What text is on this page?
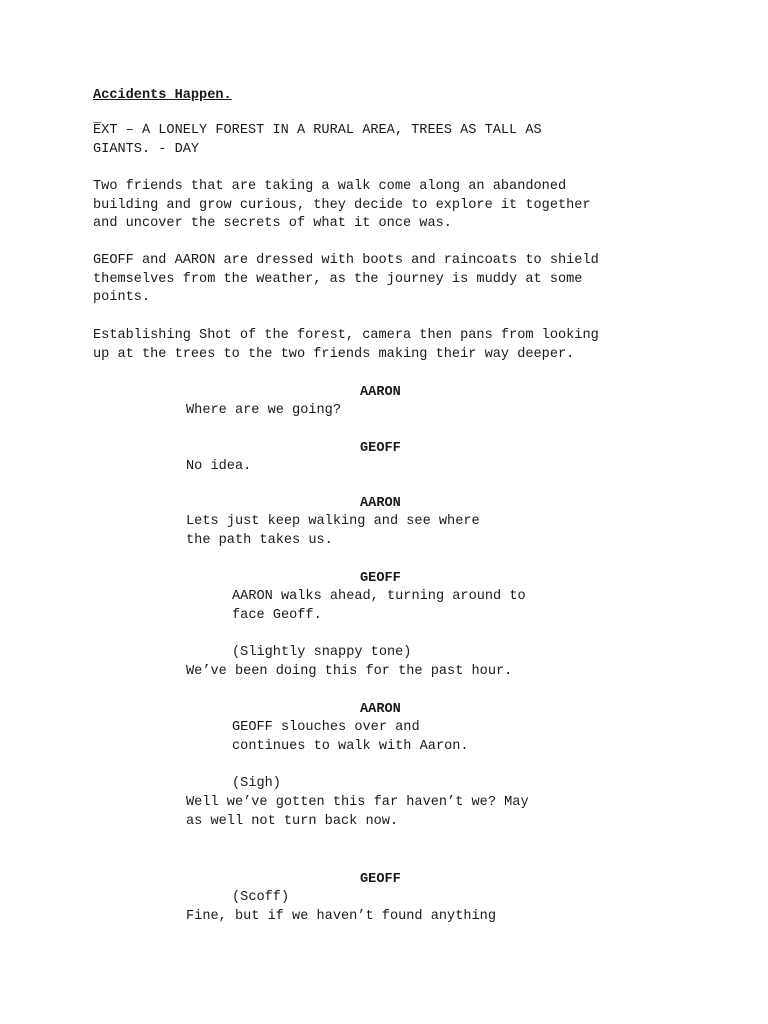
Accidents Happen.
_
EXT – A LONELY FOREST IN A RURAL AREA, TREES AS TALL AS
GIANTS. - DAY
Two friends that are taking a walk come along an abandoned
building and grow curious, they decide to explore it together
and uncover the secrets of what it once was.
GEOFF and AARON are dressed with boots and raincoats to shield
themselves from the weather, as the journey is muddy at some
points.
Establishing Shot of the forest, camera then pans from looking
up at the trees to the two friends making their way deeper.
AARON
Where are we going?
GEOFF
No idea.
AARON
Lets just keep walking and see where
the path takes us.
GEOFF
AARON walks ahead, turning around to
face Geoff.
(Slightly snappy tone)
We’ve been doing this for the past hour.
AARON
GEOFF slouches over and
continues to walk with Aaron.
(Sigh)
Well we’ve gotten this far haven’t we? May
as well not turn back now.
GEOFF
(Scoff)
Fine, but if we haven’t found anything
